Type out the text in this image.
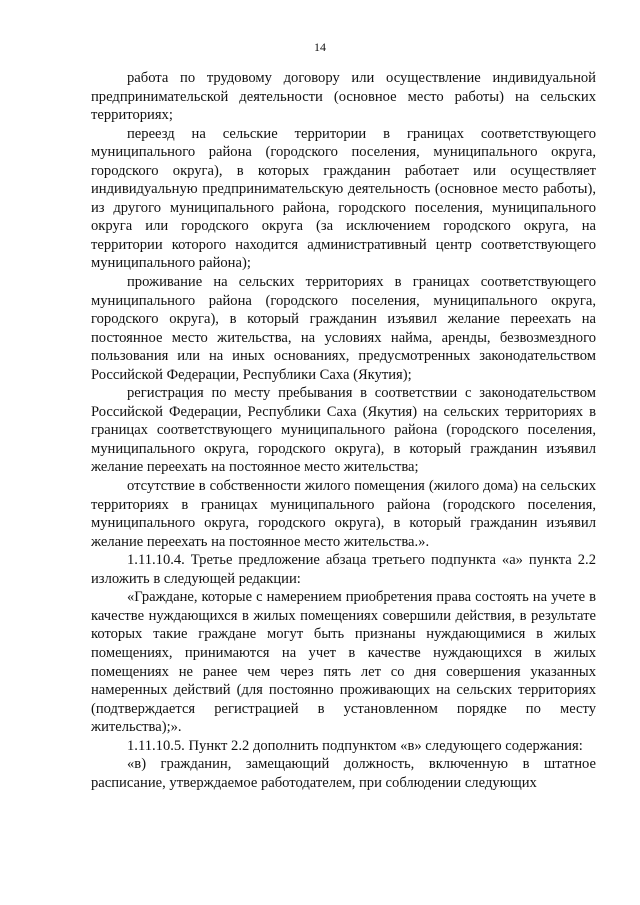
14

работа по трудовому договору или осуществление индивидуальной предпринимательской деятельности (основное место работы) на сельских территориях;

переезд на сельские территории в границах соответствующего муниципального района (городского поселения, муниципального округа, городского округа), в которых гражданин работает или осуществляет индивидуальную предпринимательскую деятельность (основное место работы), из другого муниципального района, городского поселения, муниципального округа или городского округа (за исключением городского округа, на территории которого находится административный центр соответствующего муниципального района);

проживание на сельских территориях в границах соответствующего муниципального района (городского поселения, муниципального округа, городского округа), в который гражданин изъявил желание переехать на постоянное место жительства, на условиях найма, аренды, безвозмездного пользования или на иных основаниях, предусмотренных законодательством Российской Федерации, Республики Саха (Якутия);

регистрация по месту пребывания в соответствии с законодательством Российской Федерации, Республики Саха (Якутия) на сельских территориях в границах соответствующего муниципального района (городского поселения, муниципального округа, городского округа), в который гражданин изъявил желание переехать на постоянное место жительства;

отсутствие в собственности жилого помещения (жилого дома) на сельских территориях в границах муниципального района (городского поселения, муниципального округа, городского округа), в который гражданин изъявил желание переехать на постоянное место жительства.».

1.11.10.4. Третье предложение абзаца третьего подпункта «а» пункта 2.2 изложить в следующей редакции:

«Граждане, которые с намерением приобретения права состоять на учете в качестве нуждающихся в жилых помещениях совершили действия, в результате которых такие граждане могут быть признаны нуждающимися в жилых помещениях, принимаются на учет в качестве нуждающихся в жилых помещениях не ранее чем через пять лет со дня совершения указанных намеренных действий (для постоянно проживающих на сельских территориях (подтверждается регистрацией в установленном порядке по месту жительства);».

1.11.10.5. Пункт 2.2 дополнить подпунктом «в» следующего содержания:

«в) гражданин, замещающий должность, включенную в штатное расписание, утверждаемое работодателем, при соблюдении следующих
